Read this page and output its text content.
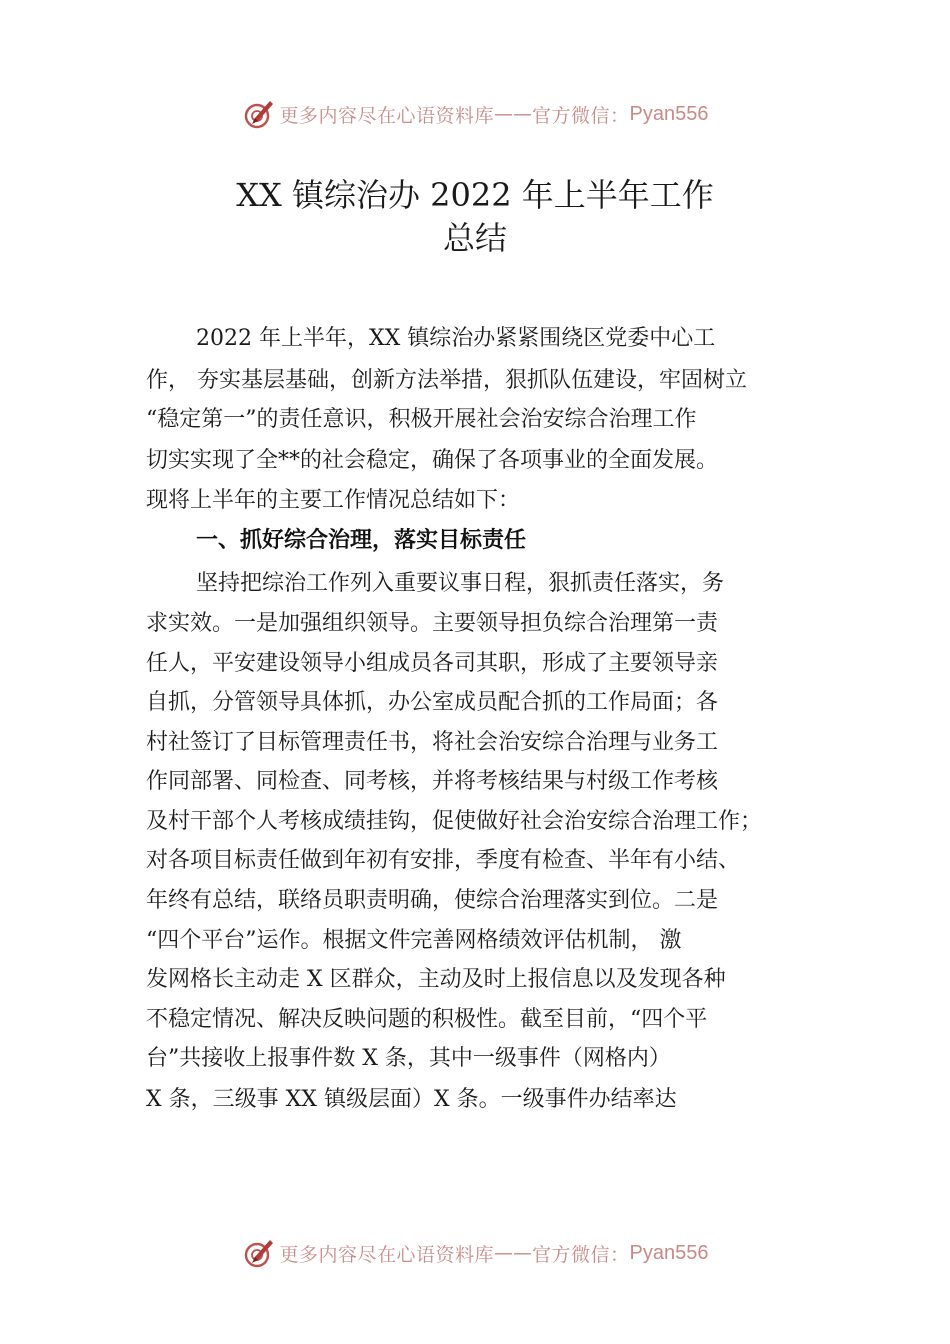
更多内容尽在心语资料库 —— 官方微信： Pyan556
XX 镇综治办 2022 年上半年工作
总结
2022 年上半年，XX 镇综治办紧紧围绕区党委中心工
作， 夯实基层基础，创新方法举措，狠抓队伍建设，牢固树立
“稳定第一”的责任意识，积极开展社会治安综合治理工作
切实实现了全**的社会稳定，确保了各项事业的全面发展。
现将上半年的主要工作情况总结如下：
一、抓好综合治理，落实目标责任
坚持把综治工作列入重要议事日程，狠抓责任落实，务
求实效。一是加强组织领导。主要领导担负综合治理第一责
任人，平安建设领导小组成员各司其职，形成了主要领导亲
自抓，分管领导具体抓，办公室成员配合抓的工作局面；各
村社签订了目标管理责任书，将社会治安综合治理与业务工
作同部署、同检查、同考核，并将考核结果与村级工作考核
及村干部个人考核成绩挂钩，促使做好社会治安综合治理工作；
对各项目标责任做到年初有安排，季度有检查、半年有小结、
年终有总结，联络员职责明确，使综合治理落实到位。二是
“四个平台”运作。根据文件完善网格绩效评估机制， 激
发网格长主动走 X 区群众，主动及时上报信息以及发现各种
不稳定情况、解决反映问题的积极性。截至目前，“四个平
台”共接收上报事件数 X 条，其中一级事件（网格内）
X 条，三级事 XX 镇级层面）X 条。一级事件办结率达
更多内容尽在心语资料库 —— 官方微信： Pyan556
